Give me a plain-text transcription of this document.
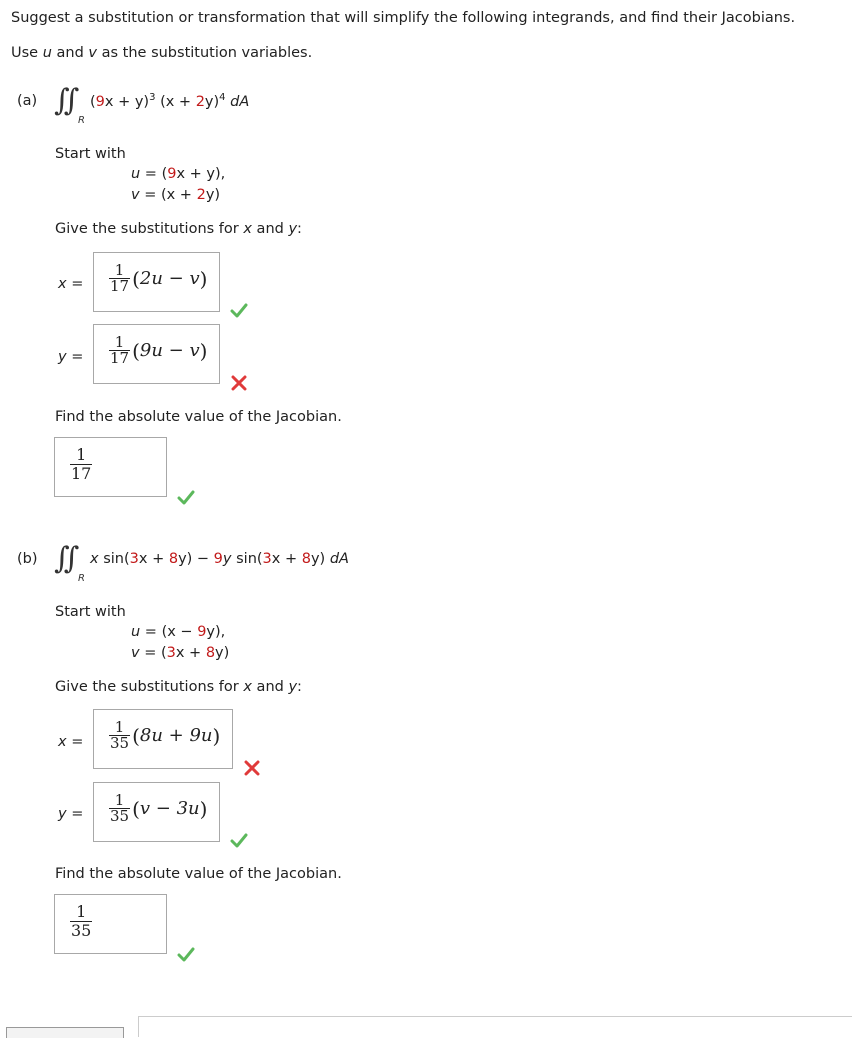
Suggest a substitution or transformation that will simplify the following integrands, and find their Jacobians.
Use u and v as the substitution variables.
(a) ∫∫
R
$(9x + y)^3$ $(x + 2y)^4$ dA
Start with
u = (9x + y),
v = (x + 2y)
Give the substitutions for x and y:
$x = \frac{1}{17}$ ( 2u − v )
$y = \frac{1}{17}$ ( 9u − v )
Find the absolute value of the Jacobian.
$\frac{1}{17}$
(b) ∫∫
R
x sin(3x + 8y) − 9y sin(3x + 8y) dA
Start with
u = (x − 9y),
v = (3x + 8y)
Give the substitutions for x and y:
$x = \frac{1}{35}$ ( 8u + 9u )
$y = \frac{1}{35}$ ( v − 3u )
Find the absolute value of the Jacobian.
$\frac{1}{35}$
